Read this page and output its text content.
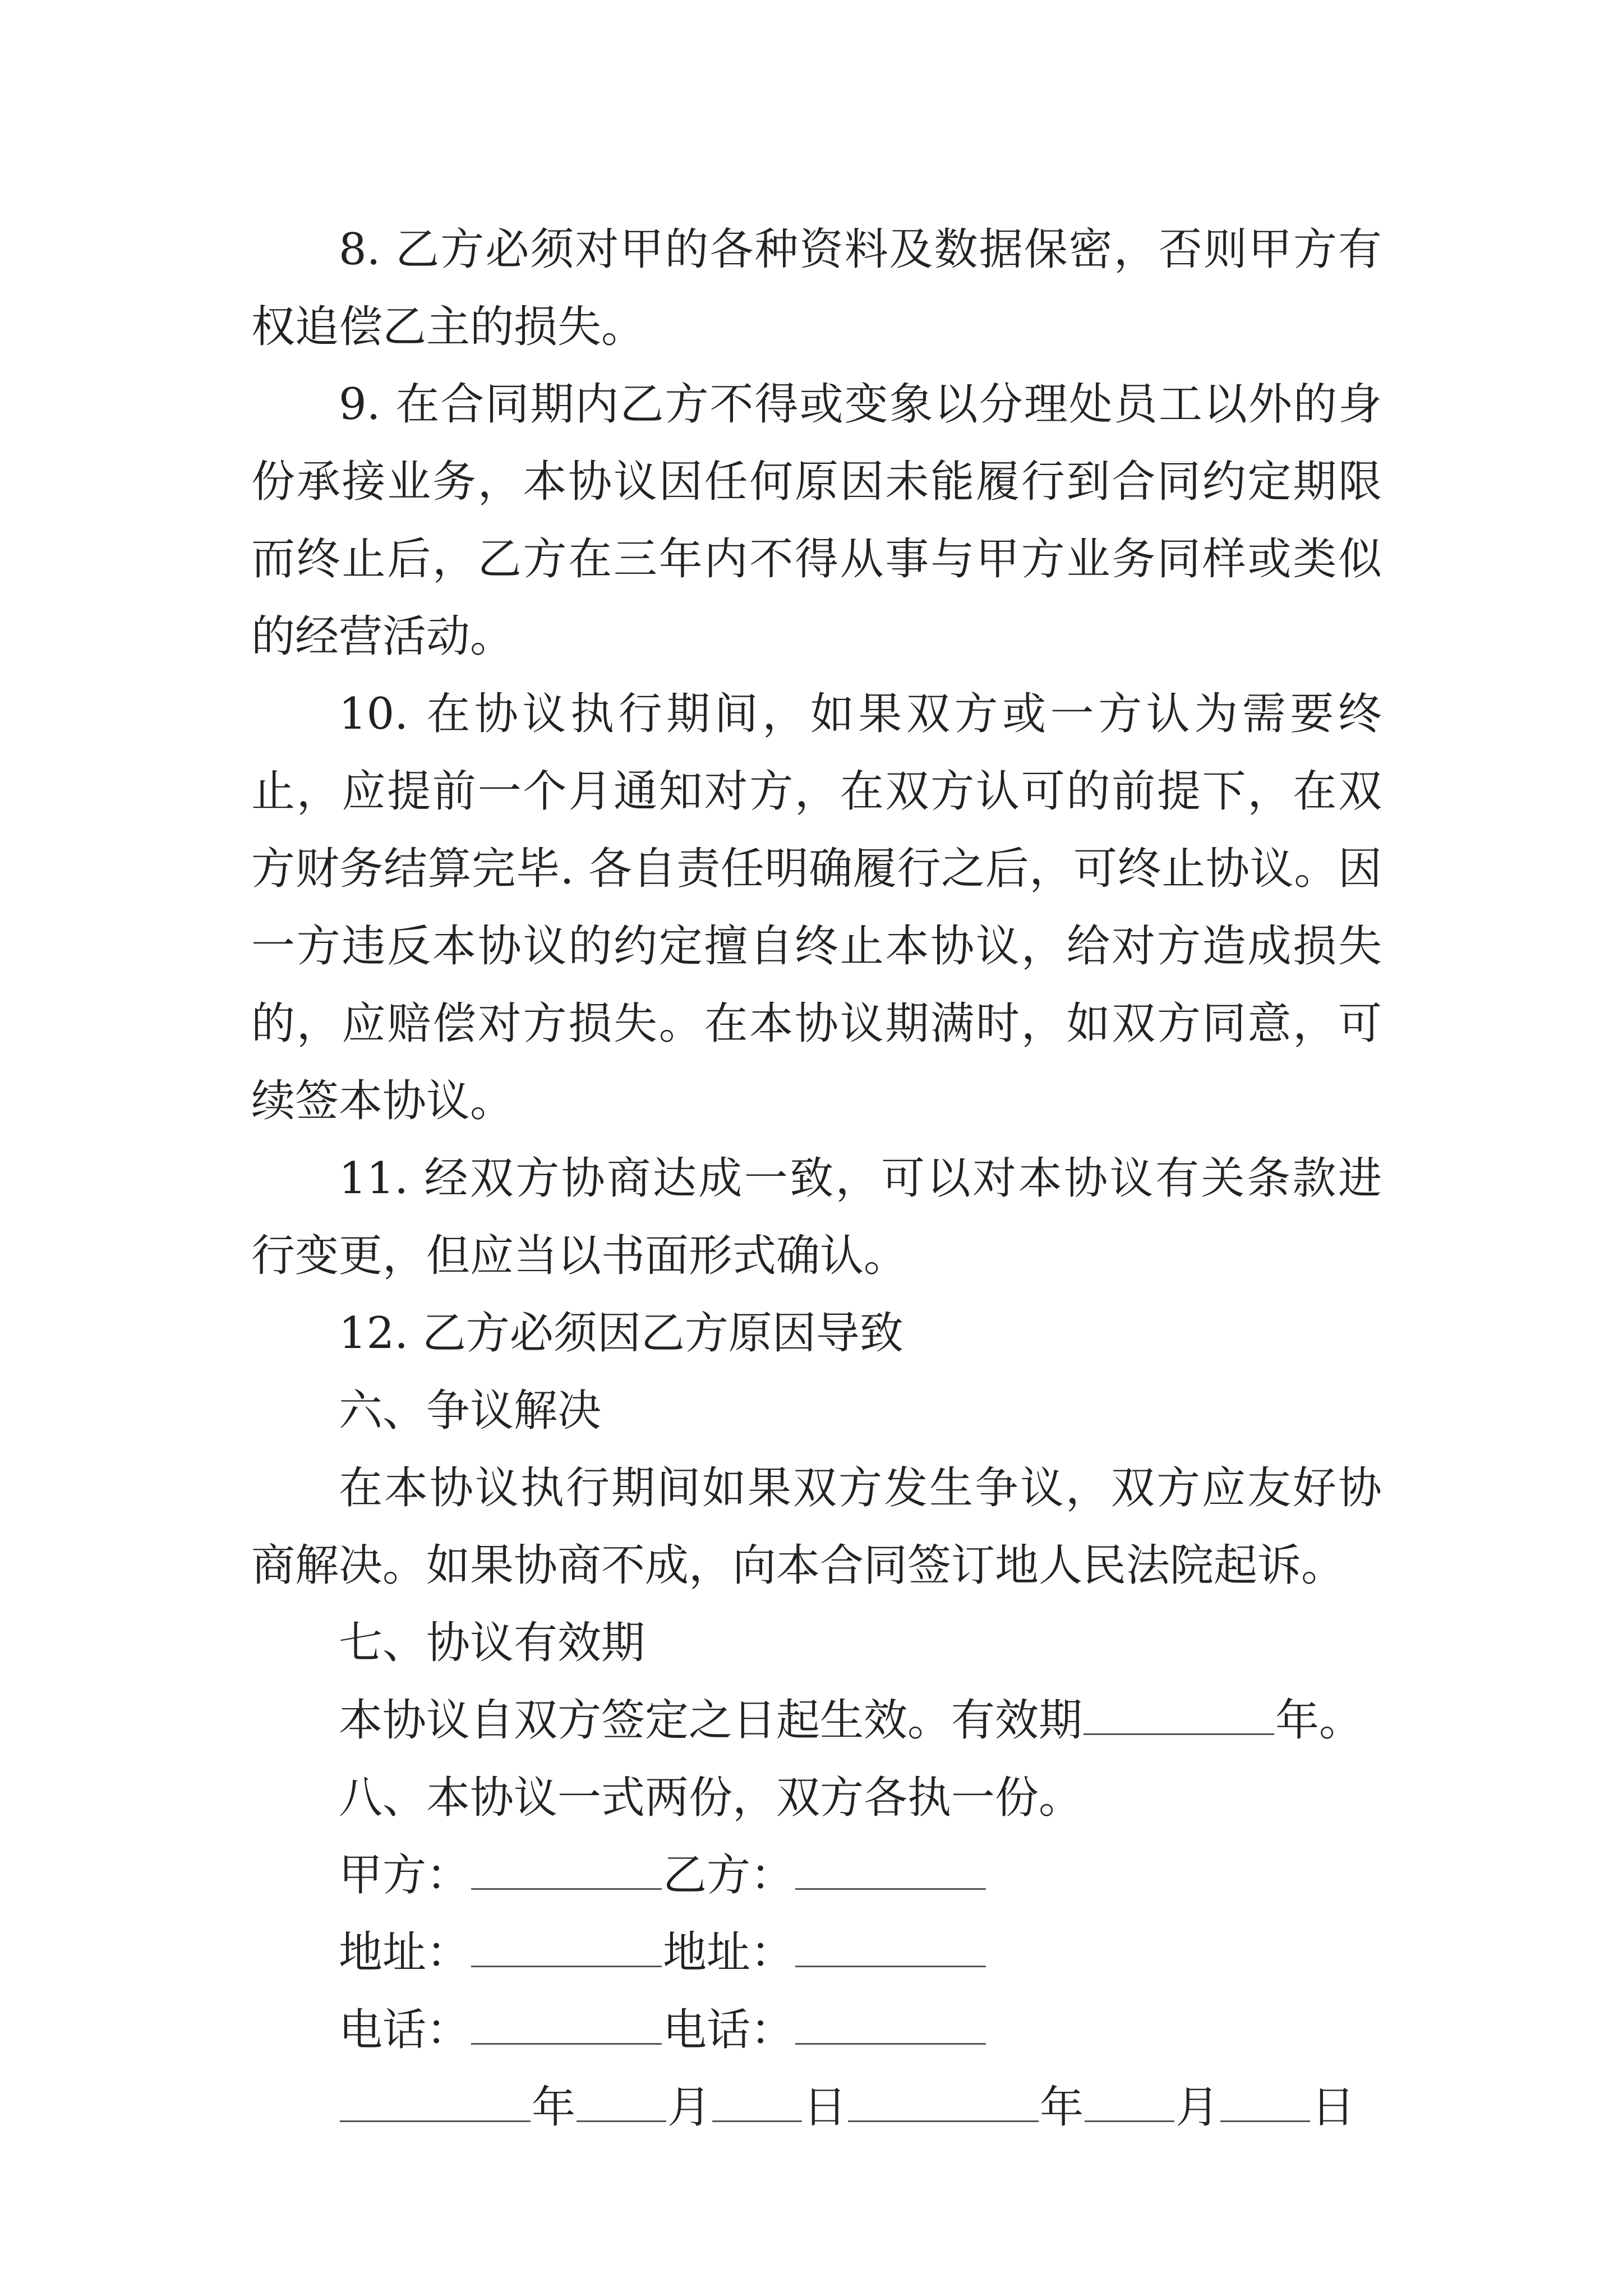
8. 乙方必须对甲的各种资料及数据保密，否则甲方有权追偿乙主的损失。

9. 在合同期内乙方不得或变象以分理处员工以外的身份承接业务，本协议因任何原因未能履行到合同约定期限而终止后，乙方在三年内不得从事与甲方业务同样或类似的经营活动。

10. 在协议执行期间，如果双方或一方认为需要终止，应提前一个月通知对方，在双方认可的前提下，在双方财务结算完毕. 各自责任明确履行之后，可终止协议。因一方违反本协议的约定擅自终止本协议，给对方造成损失的，应赔偿对方损失。在本协议期满时，如双方同意，可续签本协议。

11. 经双方协商达成一致，可以对本协议有关条款进行变更，但应当以书面形式确认。

12. 乙方必须因乙方原因导致

六、争议解决

在本协议执行期间如果双方发生争议，双方应友好协商解决。如果协商不成，向本合同签订地人民法院起诉。

七、协议有效期

本协议自双方签定之日起生效。有效期	年。

八、本协议一式两份，双方各执一份。

甲方：	乙方：

地址：	地址：

电话：	电话：

年 月 日	年 月 日
